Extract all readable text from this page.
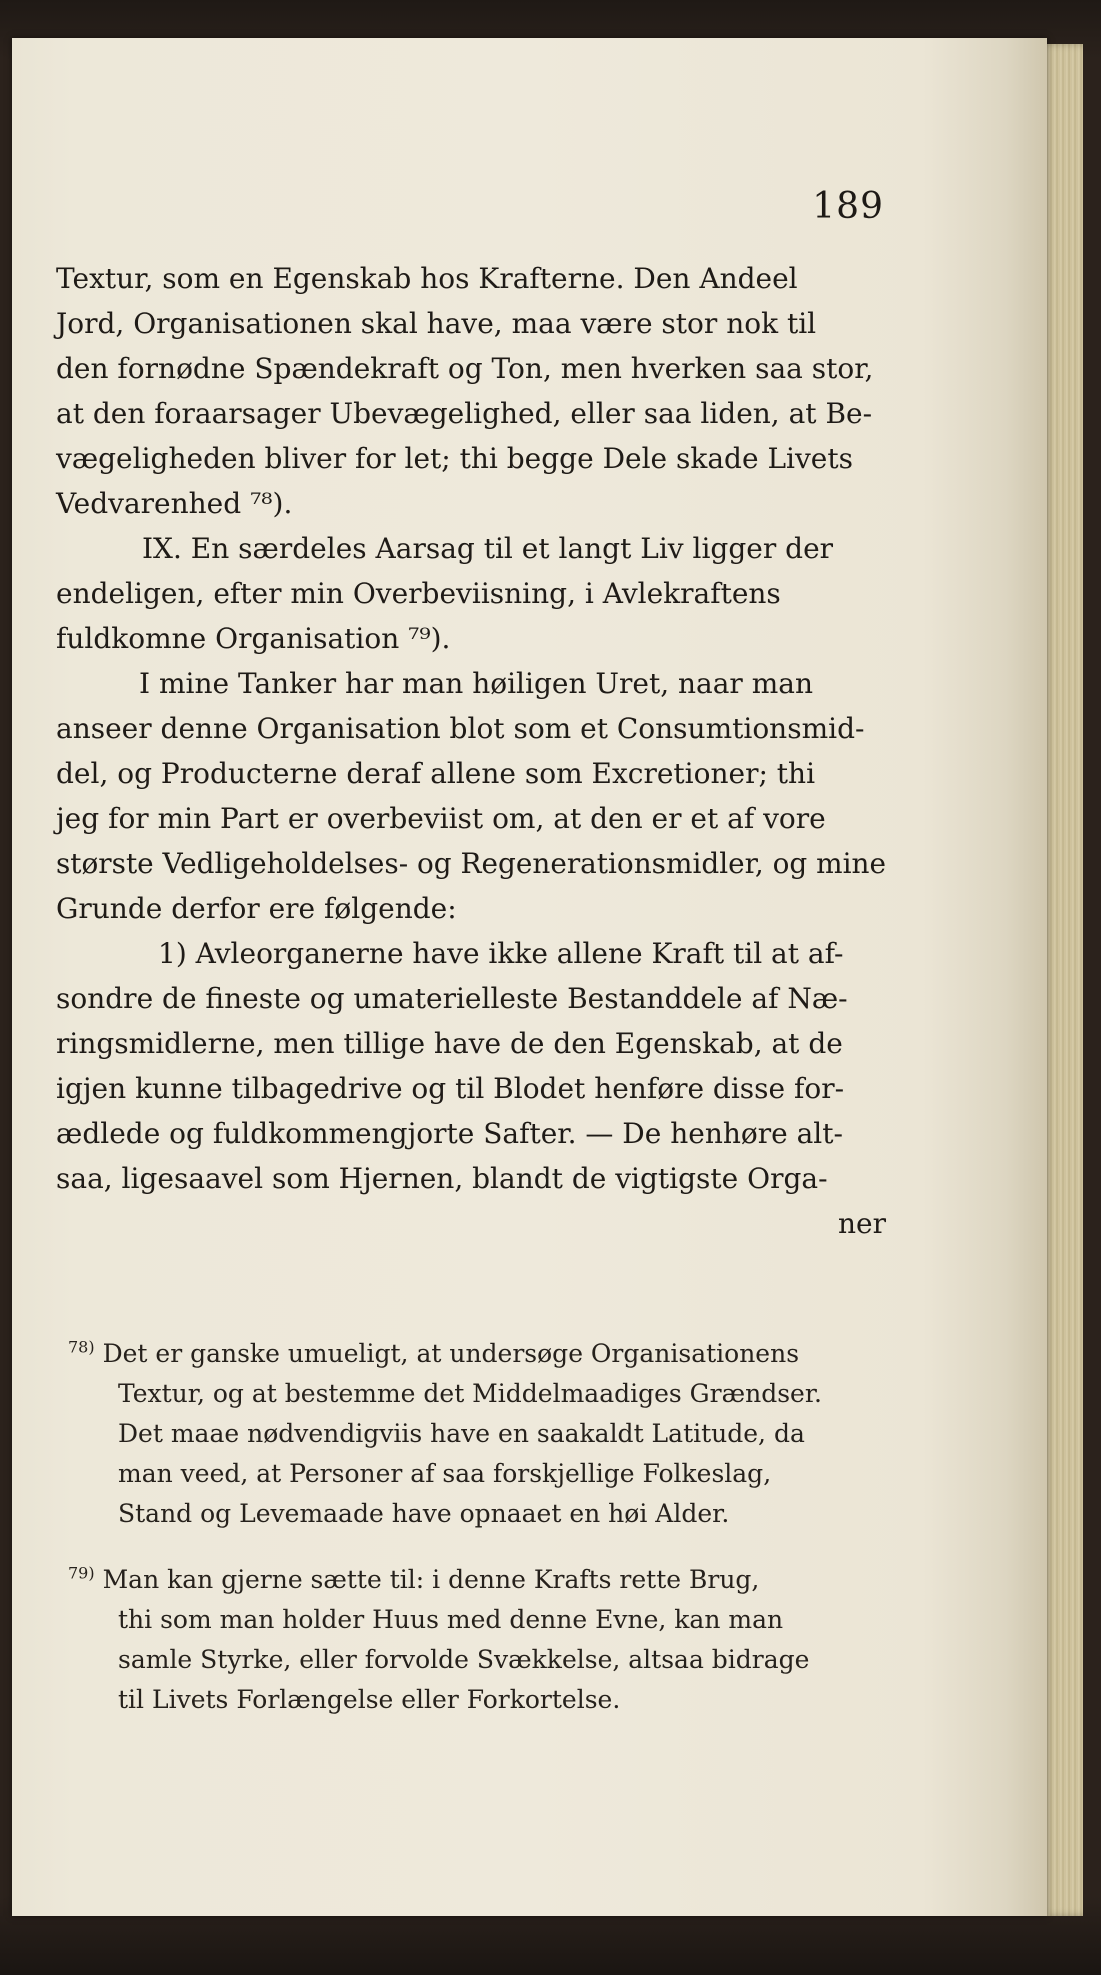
189
Textur, som en Egenskab hos Krafterne. Den Andeel
Jord, Organisationen skal have, maa være stor nok til
den fornødne Spændekraft og Ton, men hverken saa stor,
at den foraarsager Ubevægelighed, eller saa liden, at Be-
vægeligheden bliver for let; thi begge Dele skade Livets
Vedvarenhed ⁷⁸).
IX. En særdeles Aarsag til et langt Liv ligger der
endeligen, efter min Overbeviisning, i Avlekraftens
fuldkomne Organisation ⁷⁹).
I mine Tanker har man høiligen Uret, naar man
anseer denne Organisation blot som et Consumtionsmid-
del, og Producterne deraf allene som Excretioner; thi
jeg for min Part er overbeviist om, at den er et af vore
største Vedligeholdelses- og Regenerationsmidler, og mine
Grunde derfor ere følgende:
1) Avleorganerne have ikke allene Kraft til at af-
sondre de fineste og umaterielleste Bestanddele af Næ-
ringsmidlerne, men tillige have de den Egenskab, at de
igjen kunne tilbagedrive og til Blodet henføre disse for-
ædlede og fuldkommengjorte Safter. — De henhøre alt-
saa, ligesaavel som Hjernen, blandt de vigtigste Orga-
ner
$^{78)}$ Det er ganske umueligt, at undersøge Organisationens
Textur, og at bestemme det Middelmaadiges Grændser.
Det maae nødvendigviis have en saakaldt Latitude, da
man veed, at Personer af saa forskjellige Folkeslag,
Stand og Levemaade have opnaaet en høi Alder.
$^{79)}$ Man kan gjerne sætte til: i denne Krafts rette Brug,
thi som man holder Huus med denne Evne, kan man
samle Styrke, eller forvolde Svækkelse, altsaa bidrage
til Livets Forlængelse eller Forkortelse.
